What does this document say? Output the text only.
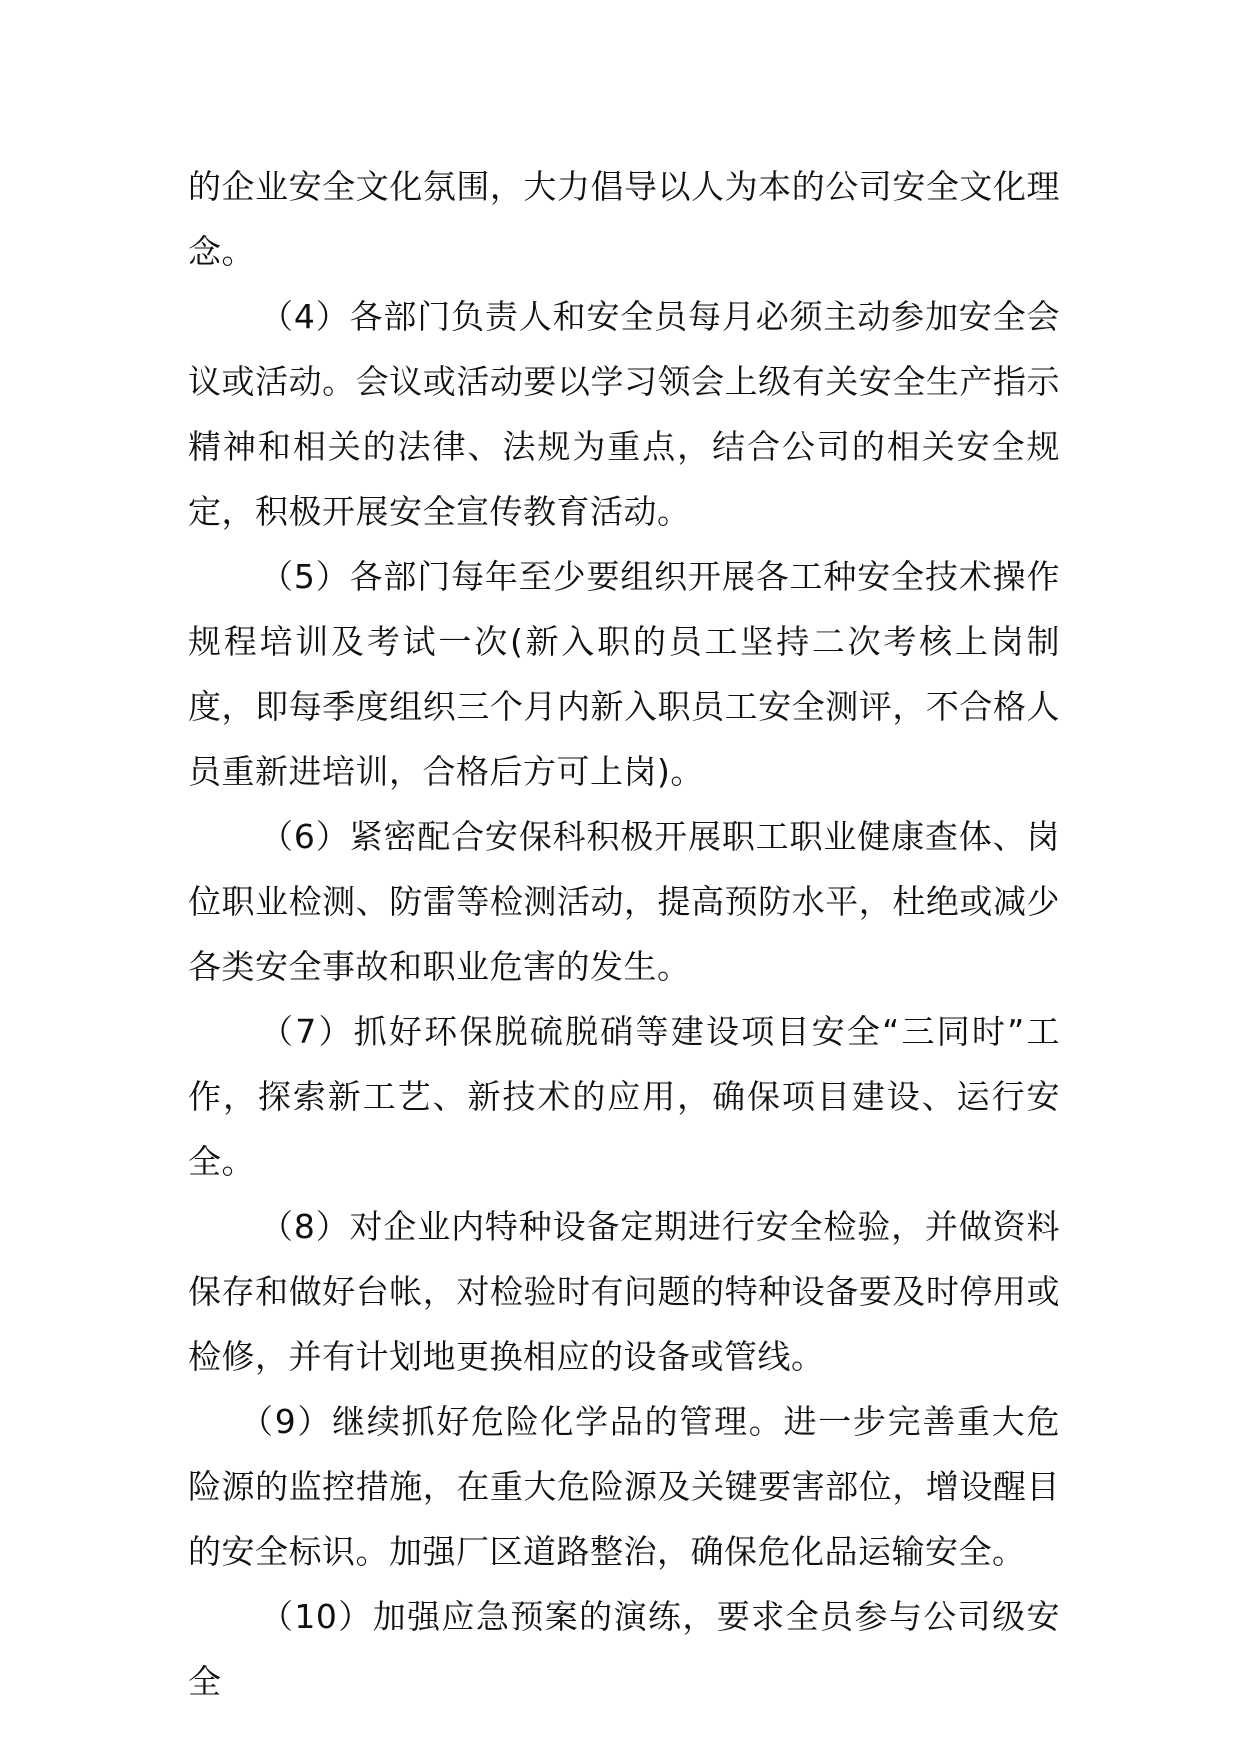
的企业安全文化氛围，大力倡导以人为本的公司安全文化理念。

（4）各部门负责人和安全员每月必须主动参加安全会议或活动。会议或活动要以学习领会上级有关安全生产指示精神和相关的法律、法规为重点，结合公司的相关安全规定，积极开展安全宣传教育活动。

（5）各部门每年至少要组织开展各工种安全技术操作规程培训及考试一次(新入职的员工坚持二次考核上岗制度，即每季度组织三个月内新入职员工安全测评，不合格人员重新进培训，合格后方可上岗)。

（6）紧密配合安保科积极开展职工职业健康查体、岗位职业检测、防雷等检测活动，提高预防水平，杜绝或减少各类安全事故和职业危害的发生。

（7）抓好环保脱硫脱硝等建设项目安全“三同时”工作，探索新工艺、新技术的应用，确保项目建设、运行安全。

（8）对企业内特种设备定期进行安全检验，并做资料保存和做好台帐，对检验时有问题的特种设备要及时停用或检修，并有计划地更换相应的设备或管线。

（9）继续抓好危险化学品的管理。进一步完善重大危险源的监控措施，在重大危险源及关键要害部位，增设醒目的安全标识。加强厂区道路整治，确保危化品运输安全。

（10）加强应急预案的演练，要求全员参与公司级安全
